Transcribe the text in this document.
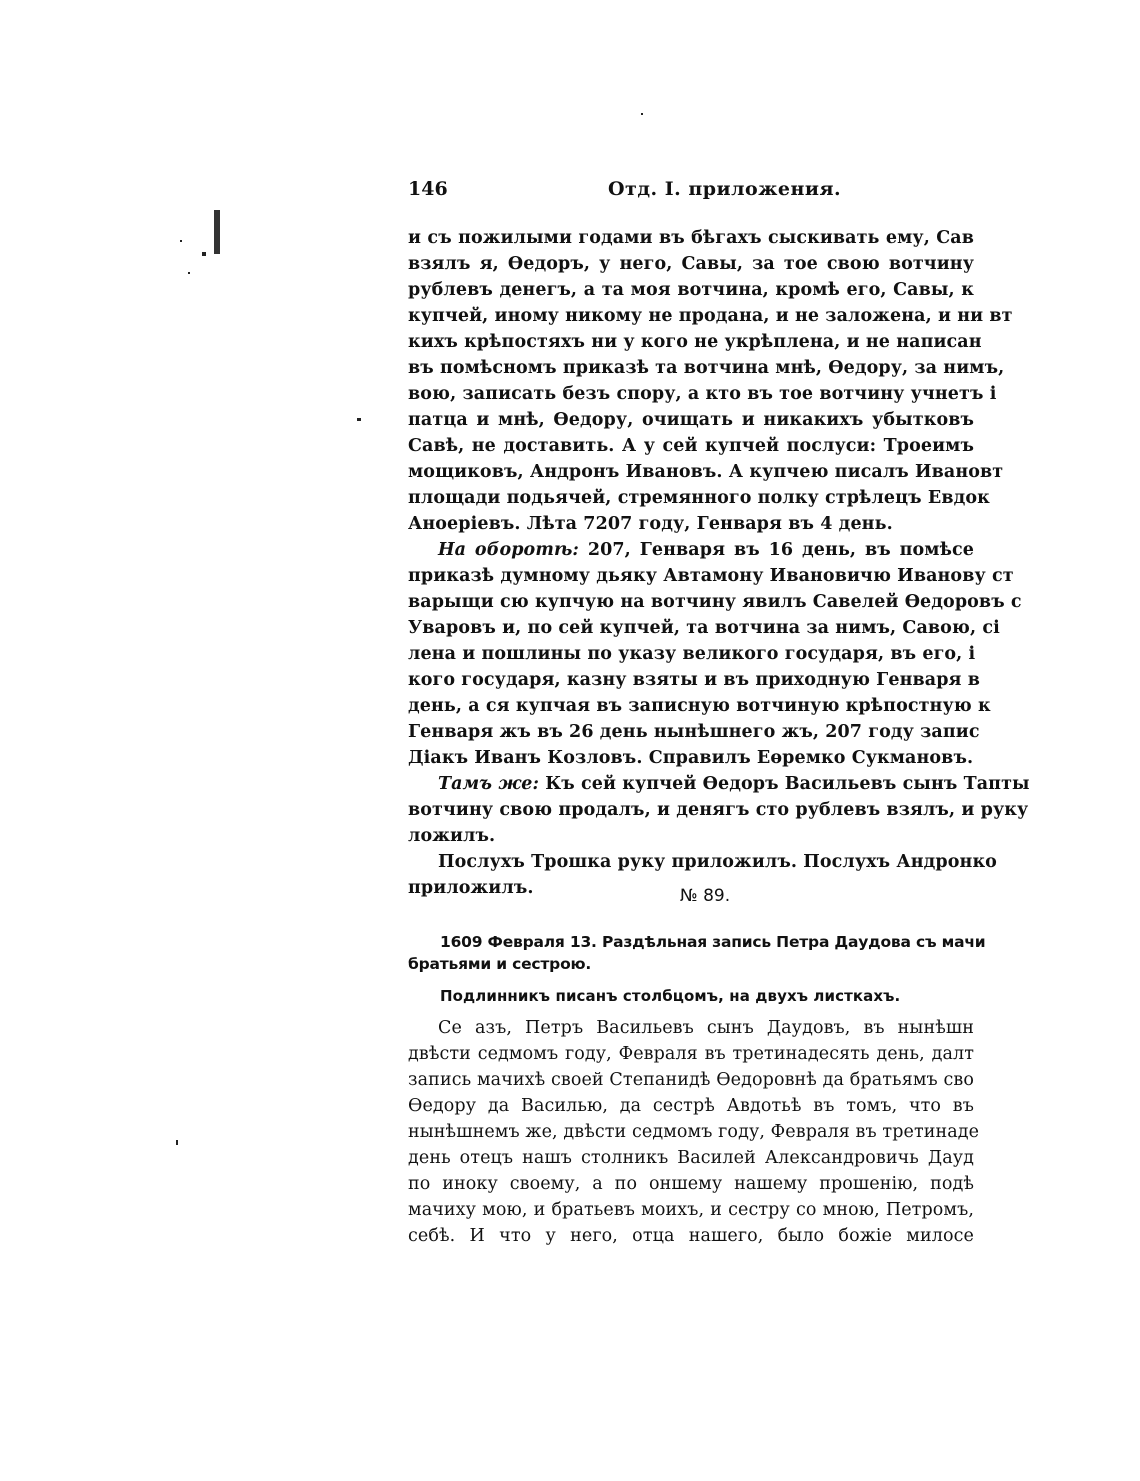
146	Отд. I. приложения.
и съ пожилыми годами въ бѣгахъ сыскивать ему, Сав
взялъ я, Өедоръ, у него, Савы, за тое свою вотчину
рублевъ денегъ, а та моя вотчина, кромѣ его, Савы, к
купчей, иному никому не продана, и не заложена, и ни вт
кихъ крѣпостяхъ ни у кого не укрѣплена, и не написан
въ помѣсномъ приказѣ та вотчина мнѣ, Өедору, за нимъ,
вою, записать безъ спору, а кто въ тое вотчину учнетъ і
патца и мнѣ, Өедору, очищать и никакихъ убытковъ
Савѣ, не доставить. А у сей купчей послуси: Троеимъ
мощиковъ, Андронъ Ивановъ. А купчею писалъ Ивановт
площади подьячей, стремянного полку стрѣлецъ Евдок
Аноеріевъ. Лѣта 7207 году, Генваря въ 4 день.
На оборотѣ: 207, Генваря въ 16 день, въ помѣсе
приказѣ думному дьяку Автамону Ивановичю Иванову ст
варыщи сю купчую на вотчину явилъ Савелей Өедоровъ с
Уваровъ и, по сей купчей, та вотчина за нимъ, Савою, сі
лена и пошлины по указу великого государя, въ его, і
кого государя, казну взяты и въ приходную Генваря в
день, а ся купчая въ записную вотчиную крѣпостную к
Генваря жъ въ 26 день нынѣшнего жъ, 207 году запис
Діакъ Иванъ Козловъ. Справилъ Еөремко Сукмановъ.
Тамъ же: Къ сей купчей Өедоръ Васильевъ сынъ Тапты
вотчину свою продалъ, и денягъ сто рублевъ взялъ, и руку
ложилъ.
Послухъ Трошка руку приложилъ. Послухъ Андронко
приложилъ.	№ 89.
1609 Февраля 13. Раздѣльная запись Петра Даудова съ мачи
братьями и сестрою.
Подлинникъ писанъ столбцомъ, на двухъ листкахъ.
Се азъ, Петръ Васильевъ сынъ Даудовъ, въ нынѣшн
двѣсти седмомъ году, Февраля въ третинадесять день, далт
запись мачихѣ своей Степанидѣ Өедоровнѣ да братьямъ сво
Өедору да Василью, да сестрѣ Авдотьѣ въ томъ, что въ
нынѣшнемъ же, двѣсти седмомъ году, Февраля въ третинаде
день отецъ нашъ столникъ Василей Александровичь Дауд
по иноку своему, а по оншему нашему прошенію, подѣ
мачиху мою, и братьевъ моихъ, и сестру со мною, Петромъ,
себѣ. И что у него, отца нашего, было божіе милосе
